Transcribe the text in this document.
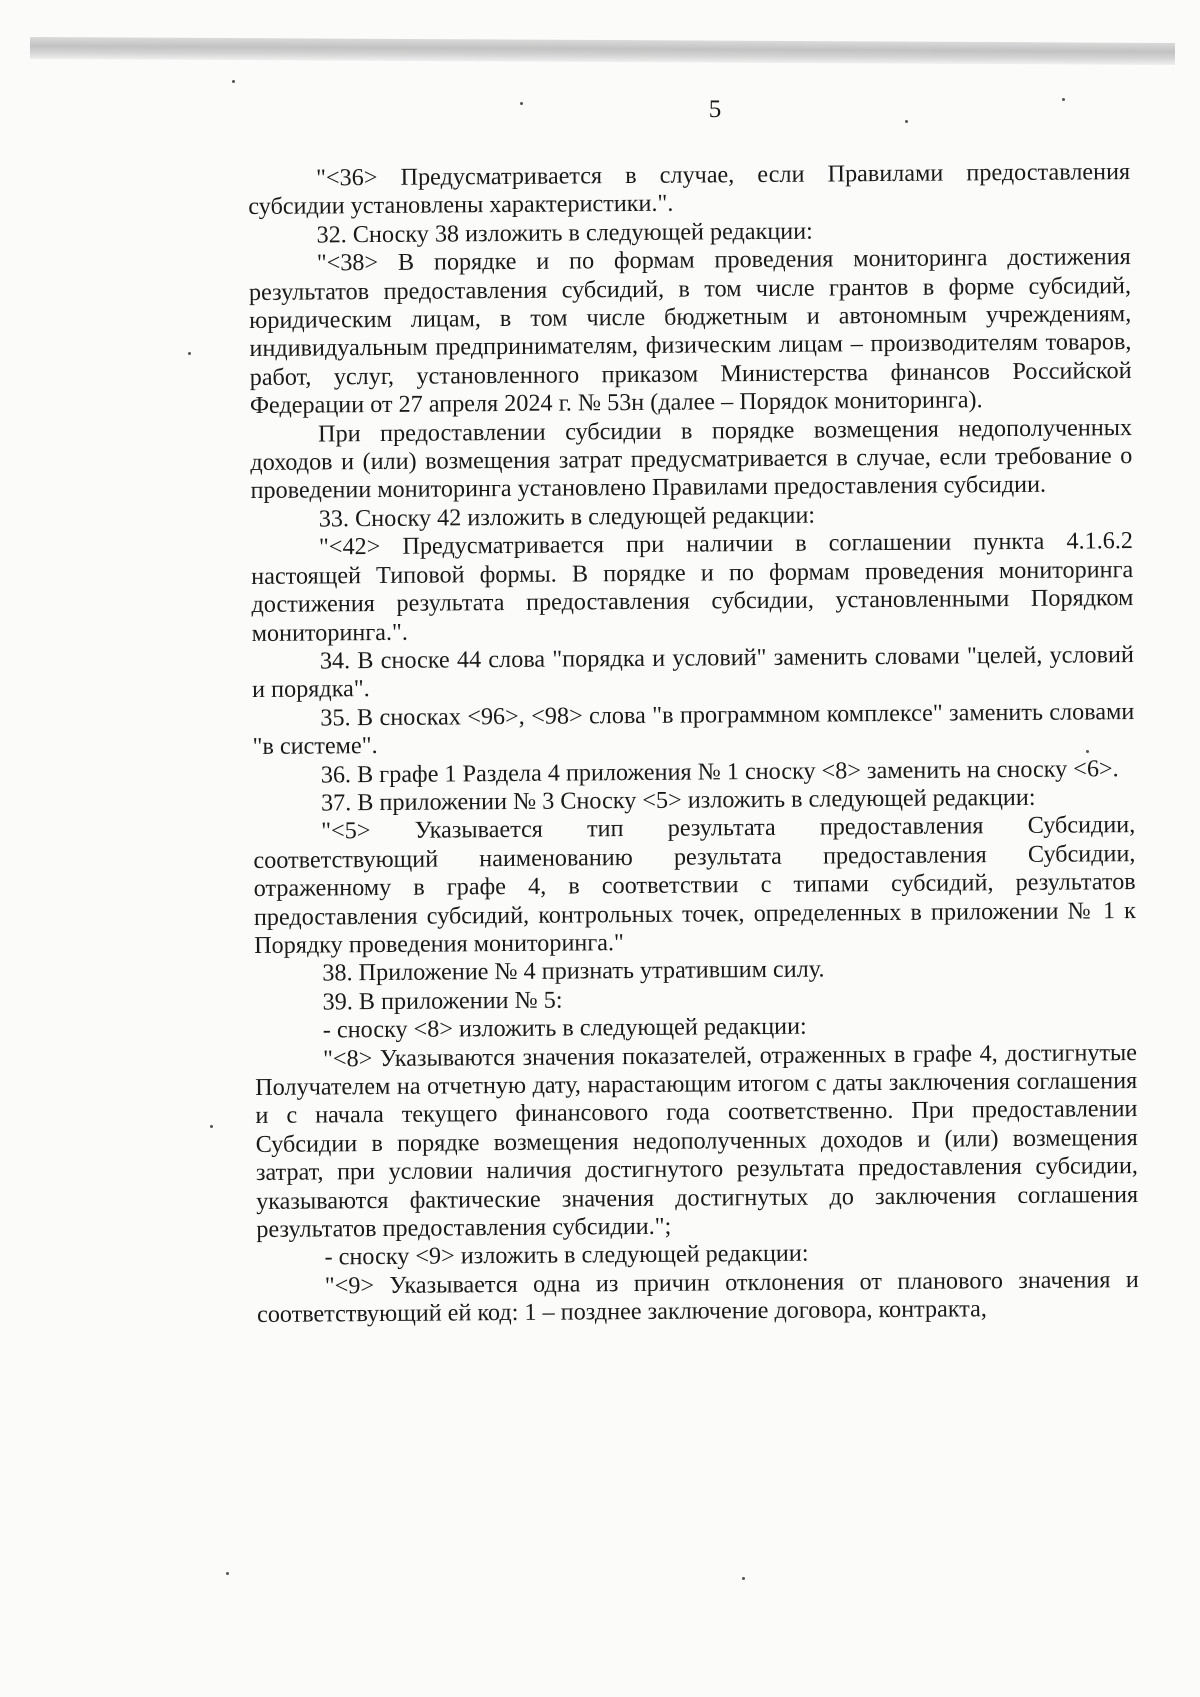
5

"<36> Предусматривается в случае, если Правилами предоставления субсидии установлены характеристики.".

32. Сноску 38 изложить в следующей редакции:

"<38> В порядке и по формам проведения мониторинга достижения результатов предоставления субсидий, в том числе грантов в форме субсидий, юридическим лицам, в том числе бюджетным и автономным учреждениям, индивидуальным предпринимателям, физическим лицам – производителям товаров, работ, услуг, установленного приказом Министерства финансов Российской Федерации от 27 апреля 2024 г. № 53н (далее – Порядок мониторинга).

При предоставлении субсидии в порядке возмещения недополученных доходов и (или) возмещения затрат предусматривается в случае, если требование о проведении мониторинга установлено Правилами предоставления субсидии.

33. Сноску 42 изложить в следующей редакции:

"<42> Предусматривается при наличии в соглашении пункта 4.1.6.2 настоящей Типовой формы. В порядке и по формам проведения мониторинга достижения результата предоставления субсидии, установленными Порядком мониторинга.".

34. В сноске 44 слова "порядка и условий" заменить словами "целей, условий и порядка".

35. В сносках <96>, <98> слова "в программном комплексе" заменить словами "в системе".

36. В графе 1 Раздела 4 приложения № 1 сноску <8> заменить на сноску <6>.

37. В приложении № 3 Сноску <5> изложить в следующей редакции:

"<5> Указывается тип результата предоставления Субсидии, соответствующий наименованию результата предоставления Субсидии, отраженному в графе 4, в соответствии с типами субсидий, результатов предоставления субсидий, контрольных точек, определенных в приложении № 1 к Порядку проведения мониторинга."

38. Приложение № 4 признать утратившим силу.

39. В приложении № 5:

- сноску <8> изложить в следующей редакции:

"<8> Указываются значения показателей, отраженных в графе 4, достигнутые Получателем на отчетную дату, нарастающим итогом с даты заключения соглашения и с начала текущего финансового года соответственно. При предоставлении Субсидии в порядке возмещения недополученных доходов и (или) возмещения затрат, при условии наличия достигнутого результата предоставления субсидии, указываются фактические значения достигнутых до заключения соглашения результатов предоставления субсидии.";

- сноску <9> изложить в следующей редакции:

"<9> Указывается одна из причин отклонения от планового значения и соответствующий ей код: 1 – позднее заключение договора, контракта,
